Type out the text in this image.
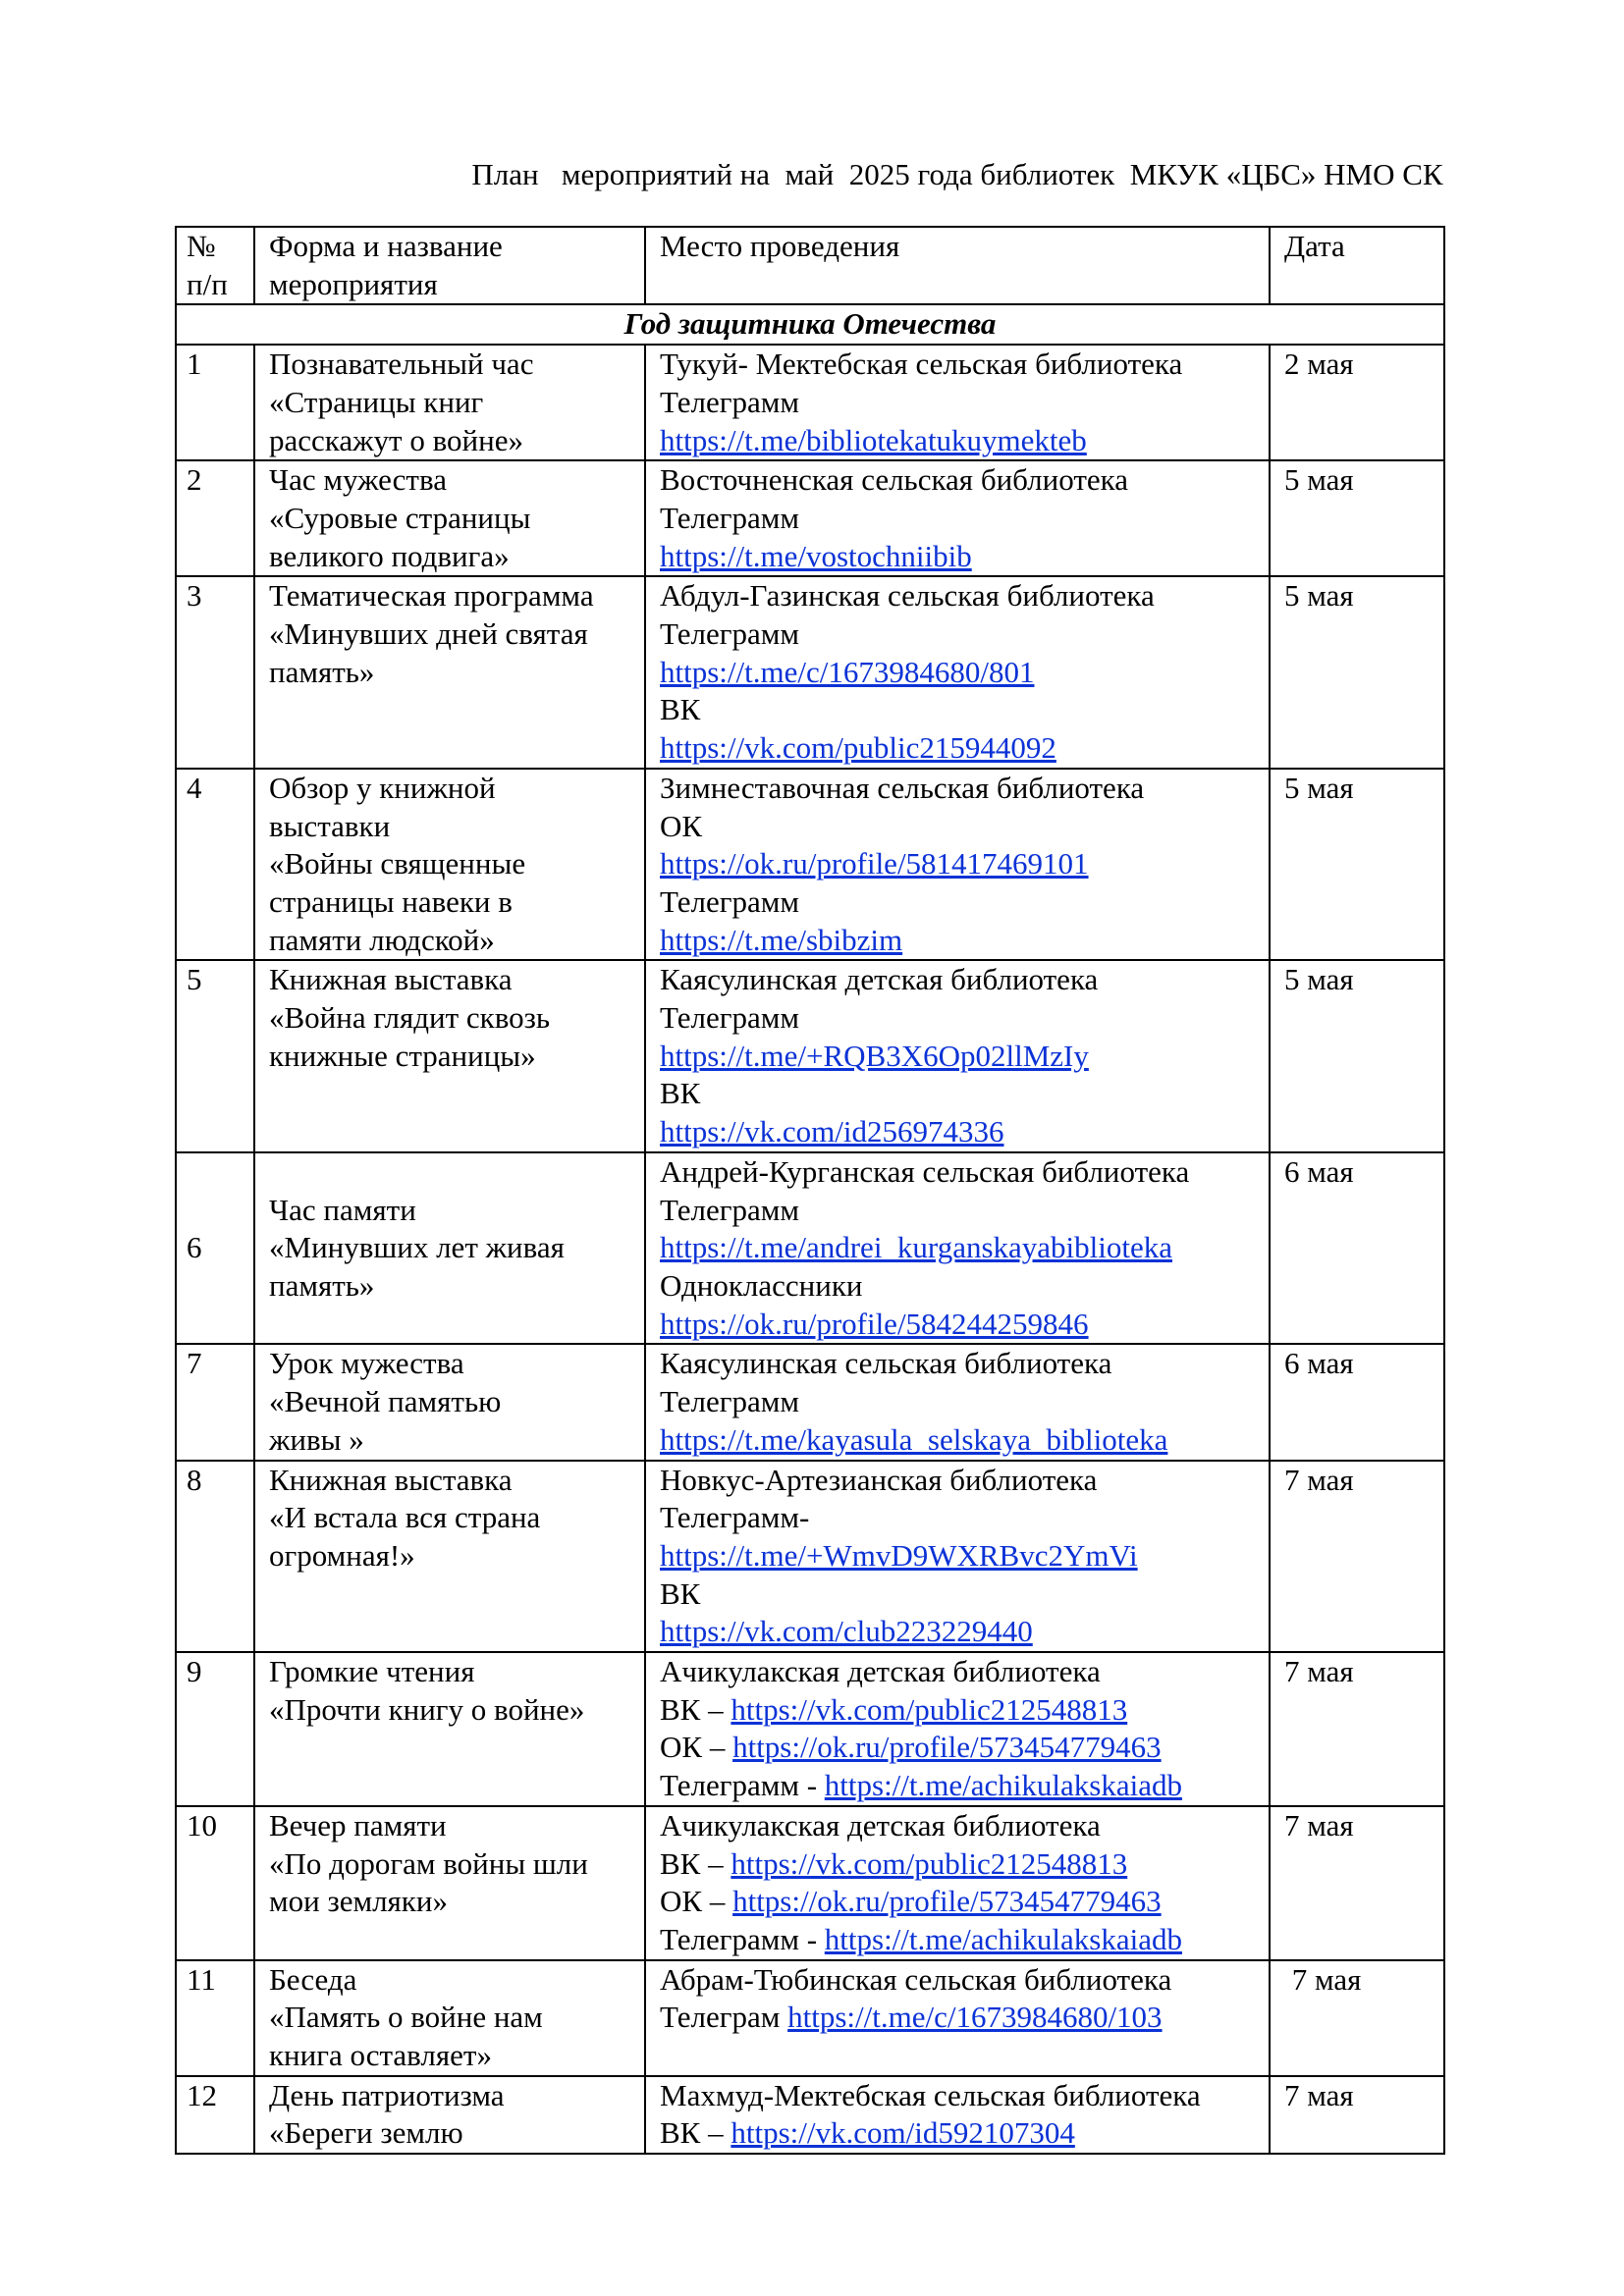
План   мероприятий на  май  2025 года библиотек  МКУК «ЦБС» НМО СК
№
п/п	Форма и название
мероприятия	Место проведения	Дата

Год защитника Отечества			
1	Познавательный час
«Страницы книг
расскажут о войне»	Тукуй- Мектебская сельская библиотека
Телеграмм
https://t.me/bibliotekatukuymekteb	2 мая
2	Час мужества
«Суровые страницы
великого подвига»	Восточненская сельская библиотека
Телеграмм
https://t.me/vostochniibib	5 мая
3	Тематическая программа
«Минувших дней святая
память»	Абдул-Газинская сельская библиотека
Телеграмм
https://t.me/c/1673984680/801
ВК
https://vk.com/public215944092	5 мая
4	Обзор у книжной
выставки
«Войны священные
страницы навеки в
памяти людской»	Зимнеставочная сельская библиотека
ОК
https://ok.ru/profile/581417469101
Телеграмм
https://t.me/sbibzim	5 мая
5	Книжная выставка
«Война глядит сквозь
книжные страницы»	Каясулинская детская библиотека
Телеграмм
https://t.me/+RQB3X6Op02llMzIy
ВК
https://vk.com/id256974336	5 мая
6	Час памяти
«Минувших лет живая
память»	Андрей-Курганская сельская библиотека
Телеграмм
https://t.me/andrei_kurganskayabiblioteka
Одноклассники
https://ok.ru/profile/584244259846	6 мая
7	Урок мужества
«Вечной памятью
живы »	Каясулинская сельская библиотека
Телеграмм
https://t.me/kayasula_selskaya_biblioteka	6 мая
8	Книжная выставка
«И встала вся страна
огромная!»	Новкус-Артезианская библиотека
Телеграмм-
https://t.me/+WmvD9WXRBvc2YmVi
ВК
https://vk.com/club223229440	7 мая
9	Громкие чтения
«Прочти книгу о войне»	Ачикулакская детская библиотека
ВК – https://vk.com/public212548813
ОК – https://ok.ru/profile/573454779463
Телеграмм - https://t.me/achikulakskaiadb	7 мая
10	Вечер памяти
«По дорогам войны шли
мои земляки»	Ачикулакская детская библиотека
ВК – https://vk.com/public212548813
ОК – https://ok.ru/profile/573454779463
Телеграмм - https://t.me/achikulakskaiadb	7 мая
11	Беседа
«Память о войне нам
книга оставляет»	Абрам-Тюбинская сельская библиотека
Телеграм https://t.me/c/1673984680/103	7 мая
12	День патриотизма
«Береги землю	Махмуд-Мектебская сельская библиотека
ВК – https://vk.com/id592107304	7 мая
